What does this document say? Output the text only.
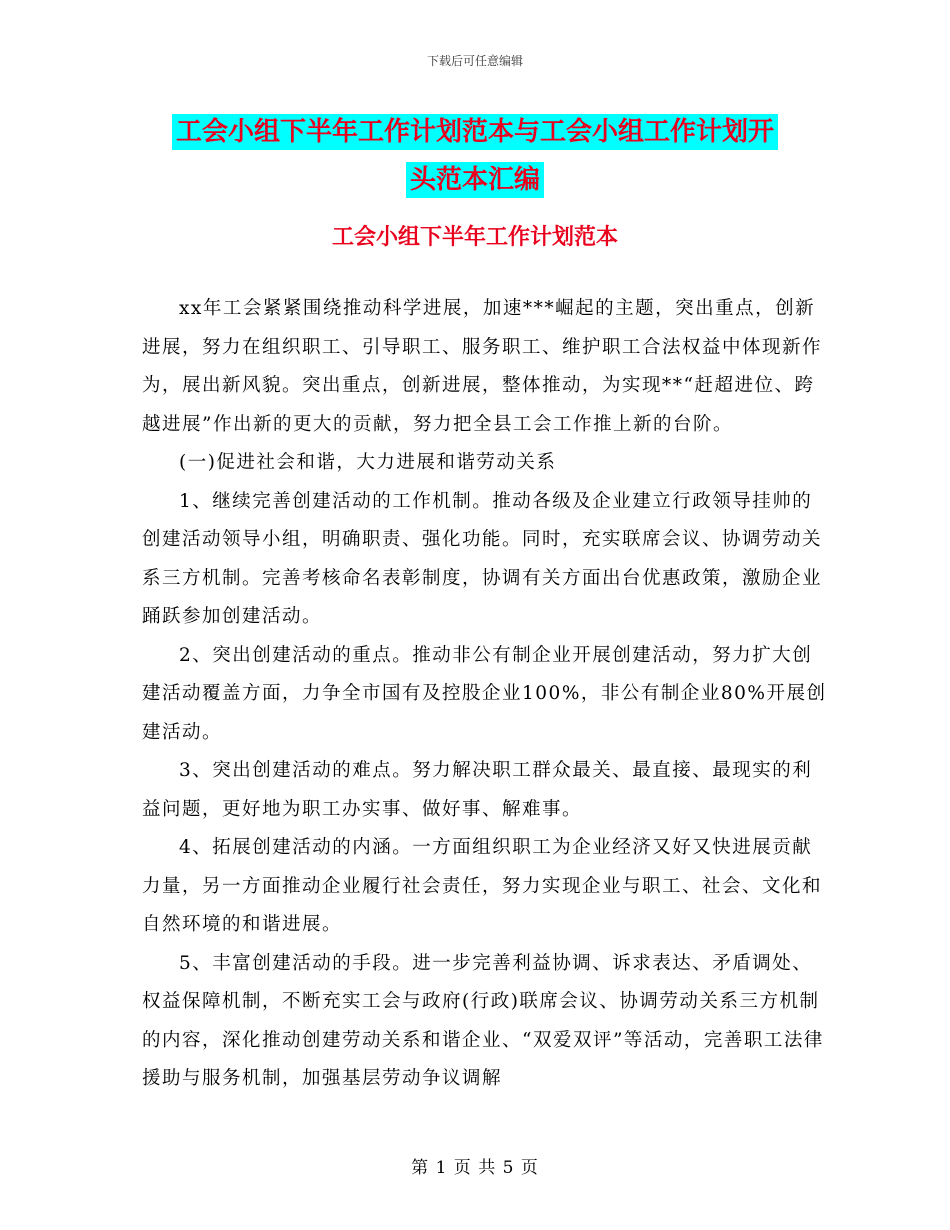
下载后可任意编辑
工会小组下半年工作计划范本与工会小组工作计划开
头范本汇编
工会小组下半年工作计划范本

xx年工会紧紧围绕推动科学进展，加速***崛起的主题，突出重点，创新进展，努力在组织职工、引导职工、服务职工、维护职工合法权益中体现新作为，展出新风貌。突出重点，创新进展，整体推动，为实现**“赶超进位、跨越进展”作出新的更大的贡献，努力把全县工会工作推上新的台阶。

(一)促进社会和谐，大力进展和谐劳动关系

1、继续完善创建活动的工作机制。推动各级及企业建立行政领导挂帅的创建活动领导小组，明确职责、强化功能。同时，充实联席会议、协调劳动关系三方机制。完善考核命名表彰制度，协调有关方面出台优惠政策，激励企业踊跃参加创建活动。

2、突出创建活动的重点。推动非公有制企业开展创建活动，努力扩大创建活动覆盖方面，力争全市国有及控股企业100%，非公有制企业80%开展创建活动。

3、突出创建活动的难点。努力解决职工群众最关、最直接、最现实的利益问题，更好地为职工办实事、做好事、解难事。

4、拓展创建活动的内涵。一方面组织职工为企业经济又好又快进展贡献力量，另一方面推动企业履行社会责任，努力实现企业与职工、社会、文化和自然环境的和谐进展。

5、丰富创建活动的手段。进一步完善利益协调、诉求表达、矛盾调处、权益保障机制，不断充实工会与政府(行政)联席会议、协调劳动关系三方机制的内容，深化推动创建劳动关系和谐企业、“双爱双评”等活动，完善职工法律援助与服务机制，加强基层劳动争议调解

第 1 页 共 5 页
